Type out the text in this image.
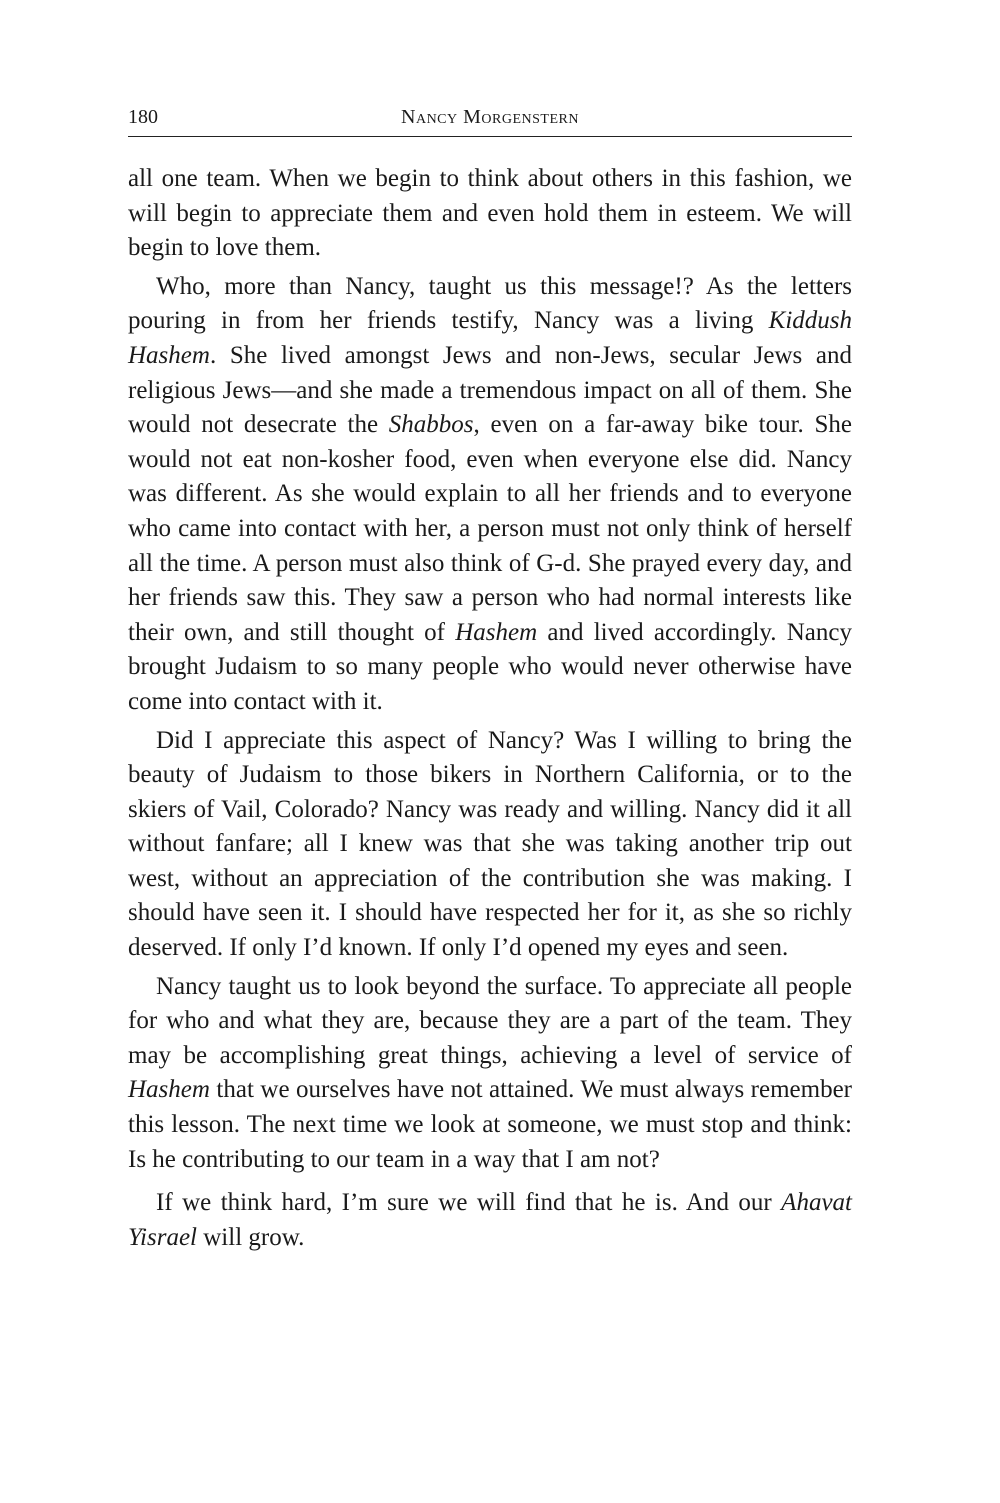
180	Nancy Morgenstern

all one team. When we begin to think about others in this fashion, we will begin to appreciate them and even hold them in esteem. We will begin to love them.

Who, more than Nancy, taught us this message!? As the letters pouring in from her friends testify, Nancy was a living Kiddush Hashem. She lived amongst Jews and non-Jews, secular Jews and religious Jews—and she made a tremendous impact on all of them. She would not desecrate the Shabbos, even on a far-away bike tour. She would not eat non-kosher food, even when everyone else did. Nancy was different. As she would explain to all her friends and to everyone who came into contact with her, a person must not only think of herself all the time. A person must also think of G-d. She prayed every day, and her friends saw this. They saw a person who had normal interests like their own, and still thought of Hashem and lived accordingly. Nancy brought Judaism to so many people who would never otherwise have come into contact with it.

Did I appreciate this aspect of Nancy? Was I willing to bring the beauty of Judaism to those bikers in Northern California, or to the skiers of Vail, Colorado? Nancy was ready and willing. Nancy did it all without fanfare; all I knew was that she was taking another trip out west, without an appreciation of the contribution she was making. I should have seen it. I should have respected her for it, as she so richly deserved. If only I’d known. If only I’d opened my eyes and seen.

Nancy taught us to look beyond the surface. To appreciate all people for who and what they are, because they are a part of the team. They may be accomplishing great things, achieving a level of service of Hashem that we ourselves have not attained. We must always remember this lesson. The next time we look at someone, we must stop and think: Is he contributing to our team in a way that I am not?

If we think hard, I’m sure we will find that he is. And our Ahavat Yisrael will grow.
